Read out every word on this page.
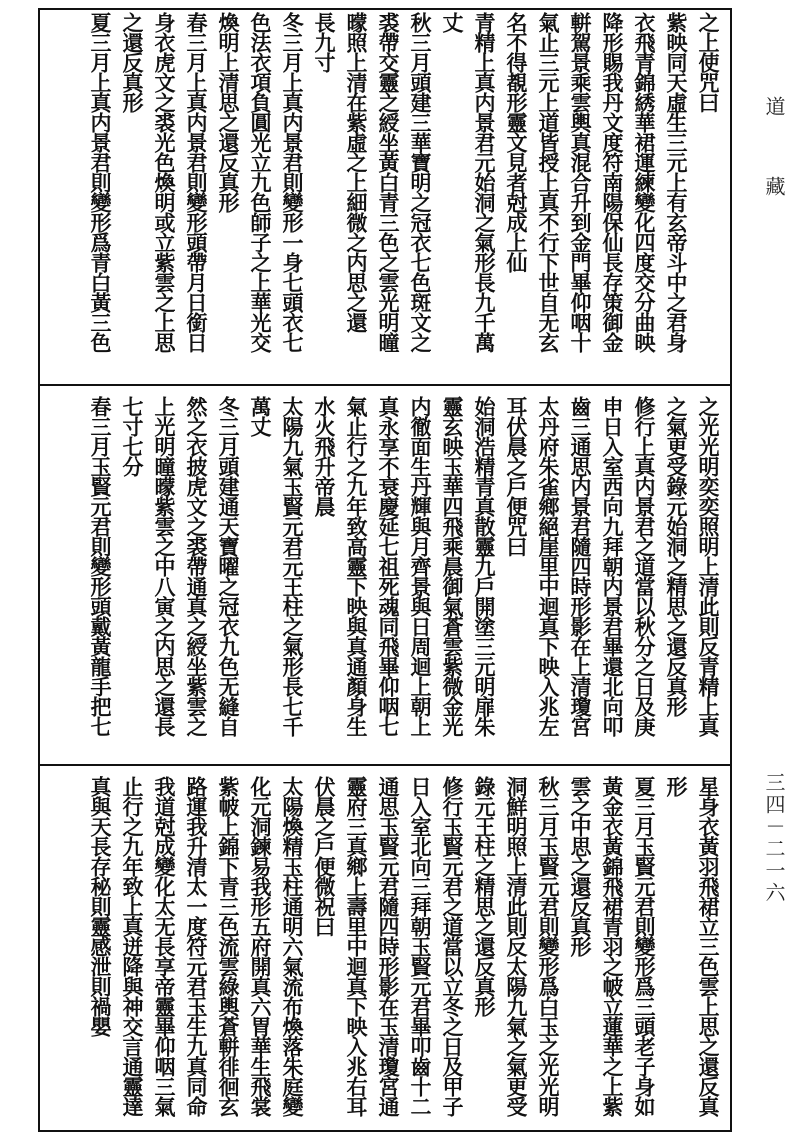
之上使咒曰
紫映同天虛生三元上有玄帝斗中之君身
衣飛青錦綉華裙運練變化四度交分曲映
降形賜我丹文度符南陽保仙長存策御金
軿駕景乘雲輿真混合升到金門畢仰咽十
氣止三元上道皆授上真不行下世自无玄
名不得覩形靈文見者尅成上仙
青精上真内景君元始洞之氣形長九千萬
丈
秋三月頭建三華寶明之冠衣七色斑文之
裘帶交靈之綬坐黃白青三色之雲光明曈
曚照上清在紫虛之上細微之内思之還
長九寸
冬三月上真内景君則變形一身七頭衣七
色法衣項負圓光立九色師子之上華光交
煥明上清思之還反真形
春三月上真内景君則變形頭帶月日銜日
身衣虎文之裘光色煥明或立紫雲之上思
之還反真形
夏三月上真内景君則變形爲青白黃三色
之光光明奕奕照明上清此則反青精上真
之氣更受錄元始洞之精思之還反真形
修行上真内景君之道當以秋分之日及庚
申日入室西向九拜朝内景君畢還北向叩
齒三通思内景君隨四時形影在上清瓊宮
太丹府朱雀鄉絕崖里中迴真下映入兆左
耳伏晨之戶便咒曰
始洞浩精青真散靈九戶開塗三元明扉朱
靈玄映玉華四飛乘晨御氣蒼雲紫微金光
内徹面生丹輝與月齊景與日周迴上朝上
真永享不衰慶延七祖死魂同飛畢仰咽七
氣止行之九年致高靈下映與真通顏身生
水火飛升帝晨
太陽九氣玉賢元君元王柱之氣形長七千
萬丈
冬三月頭建通天寶曜之冠衣九色无縫自
然之衣披虎文之裘帶通真之綬坐紫雲之
上光明曈曚紫雲之中八寅之内思之還長
七寸七分
春三月玉賢元君則變形頭戴黃龍手把七
星身衣黃羽飛裙立三色雲上思之還反真
形
夏三月玉賢元君則變形爲三頭老子身如
黃金衣黃錦飛裙青羽之帔立蓮華之上紫
雲之中思之還反真形
秋三月玉賢元君則變形爲白玉之光光明
洞鮮明照上清此則反太陽九氣之氣更受
錄元王柱之精思之還反真形
修行玉賢元君之道當以立冬之日及甲子
日入室北向三拜朝玉賢元君畢叩齒十二
通思玉賢元君隨四時形影在玉清瓊宮通
靈府三真鄉上壽里中迴真下映入兆右耳
伏晨之戶便微祝曰
太陽煥精玉柱通明六氣流布煥落朱庭變
化元洞鍊易我形五府開真六胃華生飛裳
紫帔上錦下青三色流雲綠輿蒼軿徘徊玄
路運我升清太一度符元君玉生九真同命
我道尅成變化太无長享帝靈畢仰咽三氣
止行之九年致上真迸降與神交言通靈達
真與天長存秘則靈感泄則禍嬰
道
藏
三四－二一六
